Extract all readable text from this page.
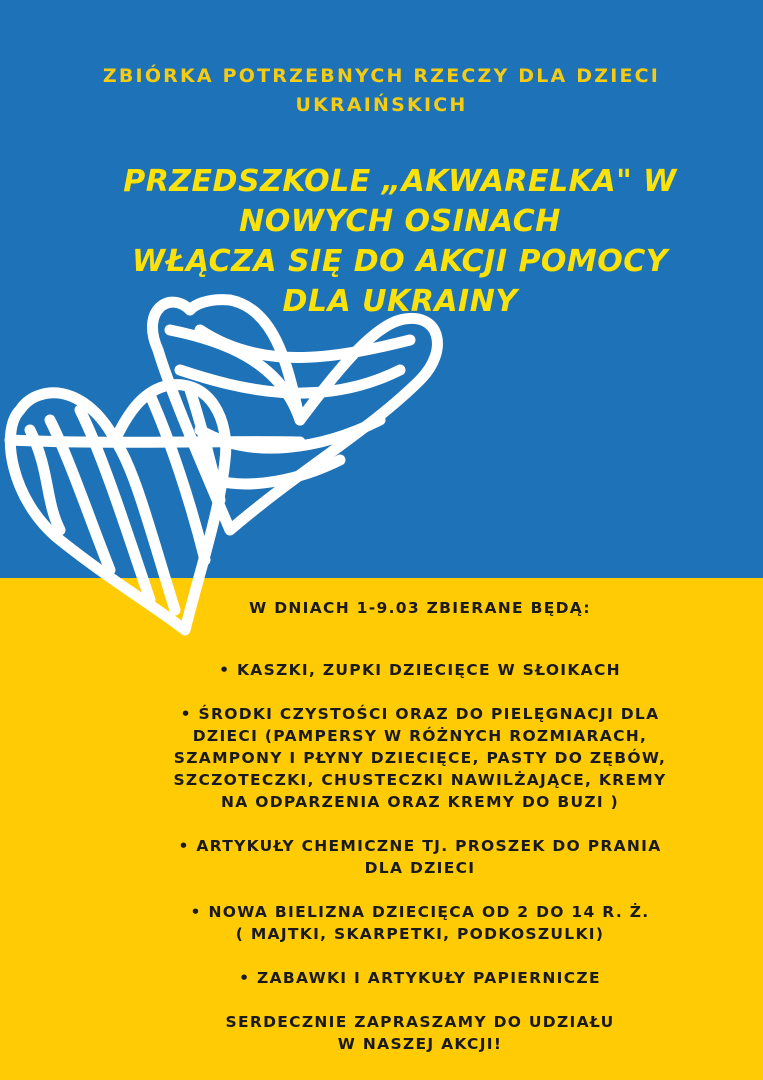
ZBIÓRKA POTRZEBNYCH RZECZY DLA DZIECI
UKRAIŃSKICH
PRZEDSZKOLE „AKWARELKA" W
NOWYCH OSINACH
WŁĄCZA SIĘ DO AKCJI POMOCY
DLA UKRAINY

W DNIACH 1-9.03 ZBIERANE BĘDĄ:

• KASZKI, ZUPKI DZIECIĘCE W SŁOIKACH

• ŚRODKI CZYSTOŚCI ORAZ DO PIELĘGNACJI DLA
DZIECI (PAMPERSY W RÓŻNYCH ROZMIARACH,
SZAMPONY I PŁYNY DZIECIĘCE, PASTY DO ZĘBÓW,
SZCZOTECZKI, CHUSTECZKI NAWILŻAJĄCE, KREMY
NA ODPARZENIA ORAZ KREMY DO BUZI )

• ARTYKUŁY CHEMICZNE TJ. PROSZEK DO PRANIA
DLA DZIECI

• NOWA BIELIZNA DZIECIĘCA OD 2 DO 14 R. Ż.
( MAJTKI, SKARPETKI, PODKOSZULKI)

• ZABAWKI I ARTYKUŁY PAPIERNICZE

SERDECZNIE ZAPRASZAMY DO UDZIAŁU
W NASZEJ AKCJI!
